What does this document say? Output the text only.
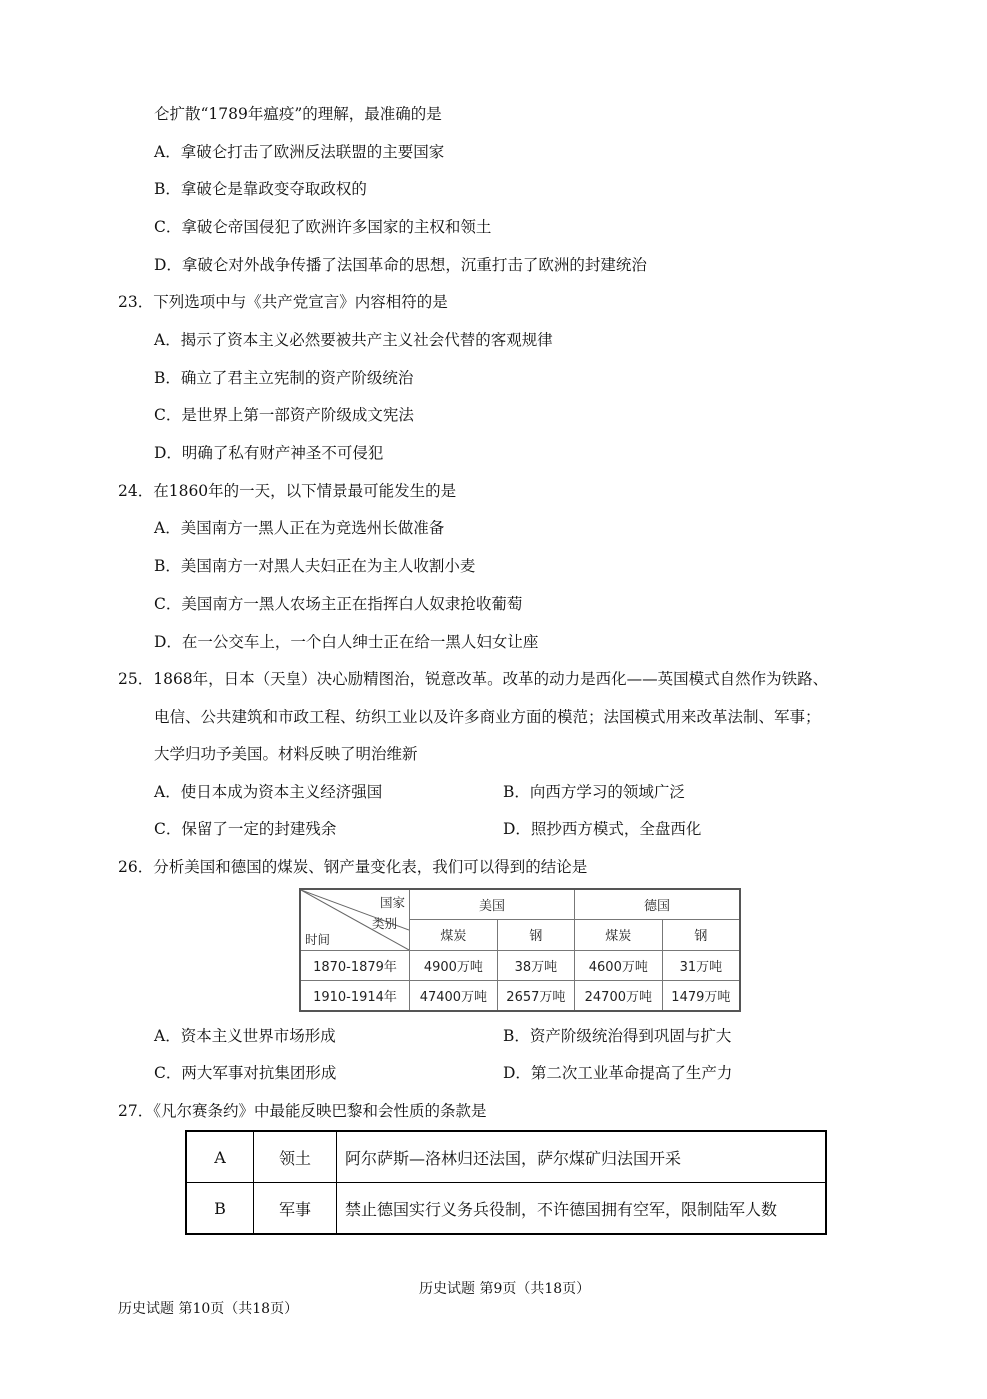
仑扩散“1789年瘟疫”的理解，最准确的是
A．拿破仑打击了欧洲反法联盟的主要国家
B．拿破仑是靠政变夺取政权的
C．拿破仑帝国侵犯了欧洲许多国家的主权和领土
D．拿破仑对外战争传播了法国革命的思想，沉重打击了欧洲的封建统治
23．下列选项中与《共产党宣言》内容相符的是
A．揭示了资本主义必然要被共产主义社会代替的客观规律
B．确立了君主立宪制的资产阶级统治
C．是世界上第一部资产阶级成文宪法
D．明确了私有财产神圣不可侵犯
24．在1860年的一天，以下情景最可能发生的是
A．美国南方一黑人正在为竞选州长做准备
B．美国南方一对黑人夫妇正在为主人收割小麦
C．美国南方一黑人农场主正在指挥白人奴隶抢收葡萄
D．在一公交车上，一个白人绅士正在给一黑人妇女让座
25．1868年，日本（天皇）决心励精图治，锐意改革。改革的动力是西化——英国模式自然作为铁路、
电信、公共建筑和市政工程、纺织工业以及许多商业方面的模范；法国模式用来改革法制、军事；
大学归功予美国。材料反映了明治维新
A．使日本成为资本主义经济强国	B．向西方学习的领域广泛
C．保留了一定的封建残余	D．照抄西方模式，全盘西化
26．分析美国和德国的煤炭、钢产量变化表，我们可以得到的结论是
国家
类别
时间	美国		德国	
	煤炭	钢	煤炭	钢
1870-1879年	4900万吨	38万吨	4600万吨	31万吨
1910-1914年	47400万吨	2657万吨	24700万吨	1479万吨
A．资本主义世界市场形成	B．资产阶级统治得到巩固与扩大
C．两大军事对抗集团形成	D．第二次工业革命提高了生产力
27．《凡尔赛条约》中最能反映巴黎和会性质的条款是
A	领土	阿尔萨斯—洛林归还法国，萨尔煤矿归法国开采
B	军事	禁止德国实行义务兵役制，不许德国拥有空军，限制陆军人数
历史试题 第9页（共18页）
历史试题 第10页（共18页）
